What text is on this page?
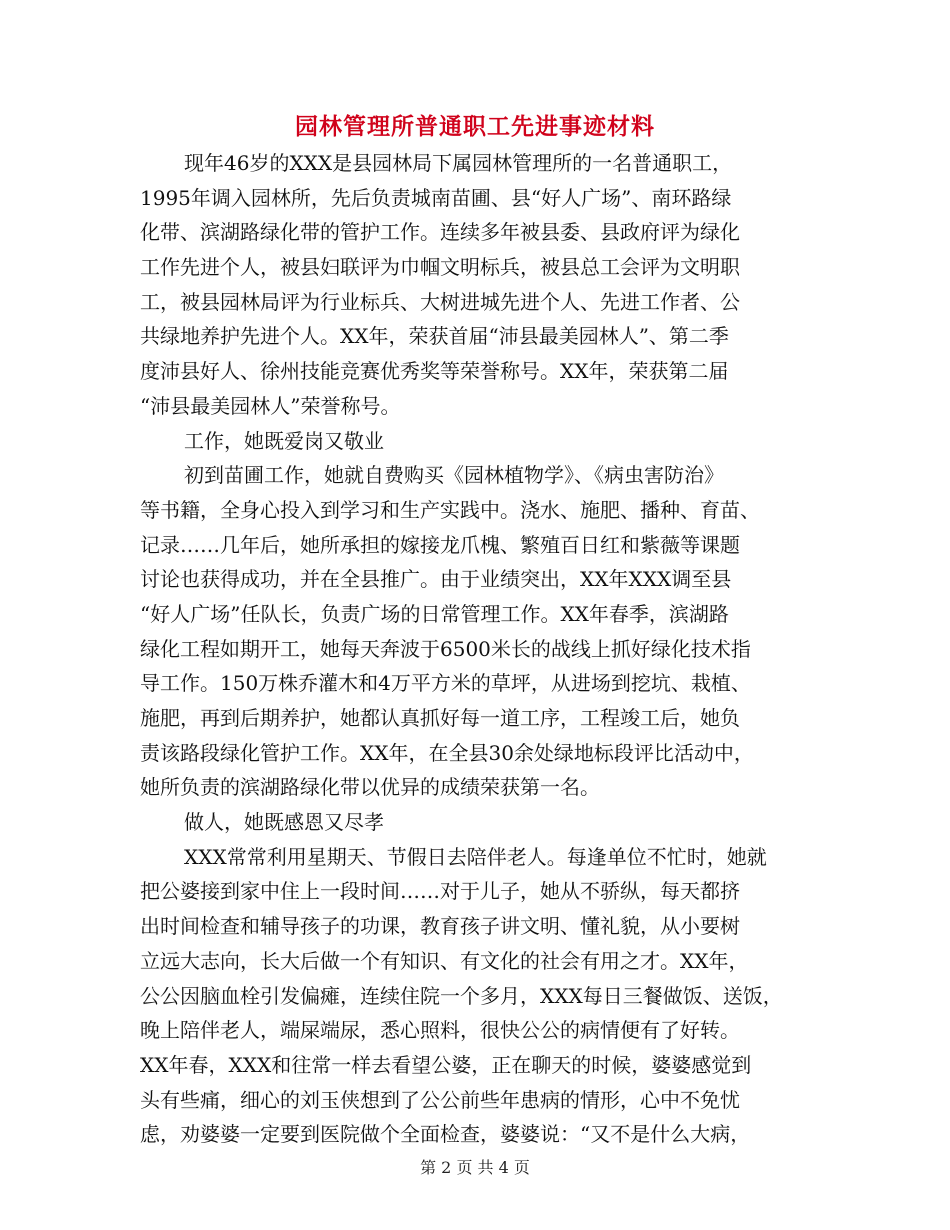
园林管理所普通职工先进事迹材料
现年46岁的XXX是县园林局下属园林管理所的一名普通职工，
1995年调入园林所，先后负责城南苗圃、县“好人广场”、南环路绿
化带、滨湖路绿化带的管护工作。连续多年被县委、县政府评为绿化
工作先进个人，被县妇联评为巾帼文明标兵，被县总工会评为文明职
工，被县园林局评为行业标兵、大树进城先进个人、先进工作者、公
共绿地养护先进个人。XX年，荣获首届“沛县最美园林人”、第二季
度沛县好人、徐州技能竞赛优秀奖等荣誉称号。XX年，荣获第二届
“沛县最美园林人”荣誉称号。
工作，她既爱岗又敬业
初到苗圃工作，她就自费购买《园林植物学》、《病虫害防治》
等书籍，全身心投入到学习和生产实践中。浇水、施肥、播种、育苗、
记录……几年后，她所承担的嫁接龙爪槐、繁殖百日红和紫薇等课题
讨论也获得成功，并在全县推广。由于业绩突出，XX年XXX调至县
“好人广场”任队长，负责广场的日常管理工作。XX年春季，滨湖路
绿化工程如期开工，她每天奔波于6500米长的战线上抓好绿化技术指
导工作。150万株乔灌木和4万平方米的草坪，从进场到挖坑、栽植、
施肥，再到后期养护，她都认真抓好每一道工序，工程竣工后，她负
责该路段绿化管护工作。XX年，在全县30余处绿地标段评比活动中，
她所负责的滨湖路绿化带以优异的成绩荣获第一名。
做人，她既感恩又尽孝
XXX常常利用星期天、节假日去陪伴老人。每逢单位不忙时，她就
把公婆接到家中住上一段时间……对于儿子，她从不骄纵，每天都挤
出时间检查和辅导孩子的功课，教育孩子讲文明、懂礼貌，从小要树
立远大志向，长大后做一个有知识、有文化的社会有用之才。XX年，
公公因脑血栓引发偏瘫，连续住院一个多月，XXX每日三餐做饭、送饭，
晚上陪伴老人，端屎端尿，悉心照料，很快公公的病情便有了好转。
XX年春，XXX和往常一样去看望公婆，正在聊天的时候，婆婆感觉到
头有些痛，细心的刘玉侠想到了公公前些年患病的情形，心中不免忧
虑，劝婆婆一定要到医院做个全面检查，婆婆说：“又不是什么大病，
第 2 页 共 4 页
